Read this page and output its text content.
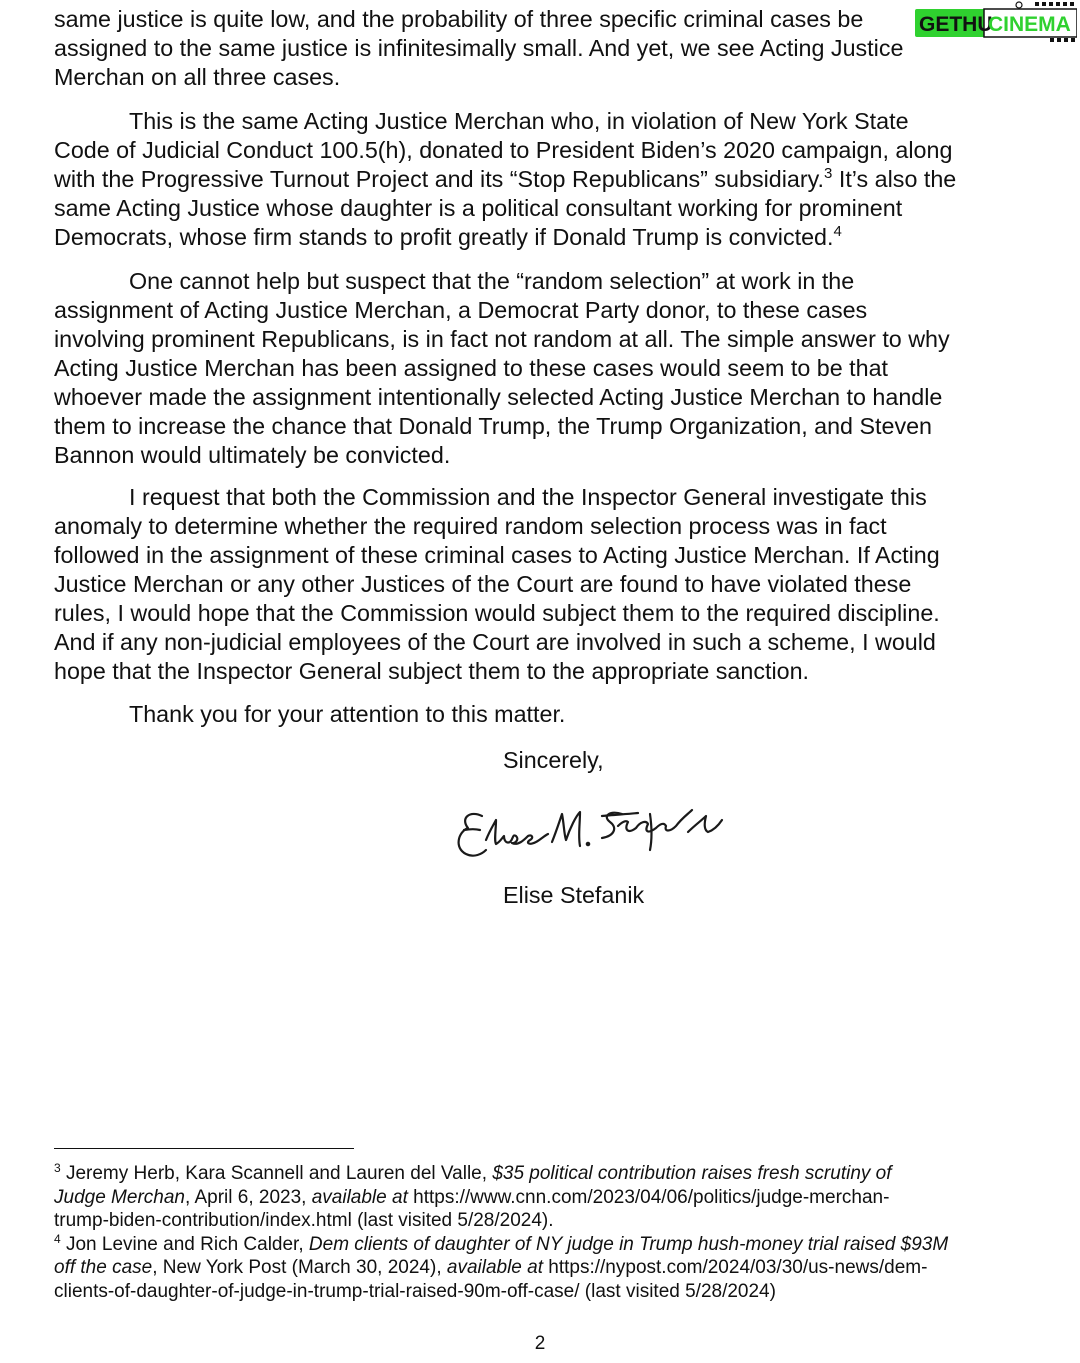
same justice is quite low, and the probability of three specific criminal cases be
assigned to the same justice is infinitesimally small. And yet, we see Acting Justice
Merchan on all three cases.

This is the same Acting Justice Merchan who, in violation of New York State
Code of Judicial Conduct 100.5(h), donated to President Biden’s 2020 campaign, along
with the Progressive Turnout Project and its “Stop Republicans” subsidiary.$^3$ It’s also the
same Acting Justice whose daughter is a political consultant working for prominent
Democrats, whose firm stands to profit greatly if Donald Trump is convicted.$^4$

One cannot help but suspect that the “random selection” at work in the
assignment of Acting Justice Merchan, a Democrat Party donor, to these cases
involving prominent Republicans, is in fact not random at all. The simple answer to why
Acting Justice Merchan has been assigned to these cases would seem to be that
whoever made the assignment intentionally selected Acting Justice Merchan to handle
them to increase the chance that Donald Trump, the Trump Organization, and Steven
Bannon would ultimately be convicted.

I request that both the Commission and the Inspector General investigate this
anomaly to determine whether the required random selection process was in fact
followed in the assignment of these criminal cases to Acting Justice Merchan. If Acting
Justice Merchan or any other Justices of the Court are found to have violated these
rules, I would hope that the Commission would subject them to the required discipline.
And if any non-judicial employees of the Court are involved in such a scheme, I would
hope that the Inspector General subject them to the appropriate sanction.

Thank you for your attention to this matter.

Sincerely,
Elise Stefanik
$^3$ Jeremy Herb, Kara Scannell and Lauren del Valle, $35 political contribution raises fresh scrutiny of
Judge Merchan, April 6, 2023, available at https://www.cnn.com/2023/04/06/politics/judge-merchan-
trump-biden-contribution/index.html (last visited 5/28/2024).
$^4$ Jon Levine and Rich Calder, Dem clients of daughter of NY judge in Trump hush-money trial raised $93M
off the case, New York Post (March 30, 2024), available at https://nypost.com/2024/03/30/us-news/dem-
clients-of-daughter-of-judge-in-trump-trial-raised-90m-off-case/ (last visited 5/28/2024)
2
GETHU
CINEMA
